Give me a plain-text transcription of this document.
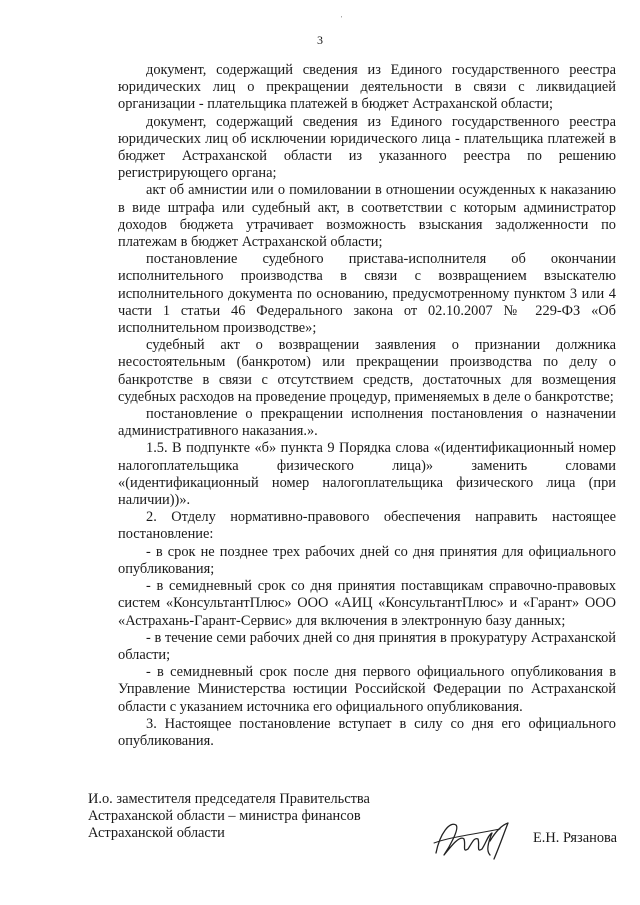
'
3

документ, содержащий сведения из Единого государственного реестра юридических лиц о прекращении деятельности в связи с ликвидацией организации - плательщика платежей в бюджет Астраханской области;

документ, содержащий сведения из Единого государственного реестра юридических лиц об исключении юридического лица - плательщика платежей в бюджет Астраханской области из указанного реестра по решению регистрирующего органа;

акт об амнистии или о помиловании в отношении осужденных к наказанию в виде штрафа или судебный акт, в соответствии с которым администратор доходов бюджета утрачивает возможность взыскания задолженности по платежам в бюджет Астраханской области;

постановление судебного пристава-исполнителя об окончании исполнительного производства в связи с возвращением взыскателю исполнительного документа по основанию, предусмотренному пунктом 3 или 4 части 1 статьи 46 Федерального закона от 02.10.2007 № 229-ФЗ «Об исполнительном производстве»;

судебный акт о возвращении заявления о признании должника несостоятельным (банкротом) или прекращении производства по делу о банкротстве в связи с отсутствием средств, достаточных для возмещения судебных расходов на проведение процедур, применяемых в деле о банкротстве;

постановление о прекращении исполнения постановления о назначении административного наказания.».

1.5. В подпункте «б» пункта 9 Порядка слова «(идентификационный номер налогоплательщика физического лица)» заменить словами «(идентификационный номер налогоплательщика физического лица (при наличии))».

2. Отделу нормативно-правового обеспечения направить настоящее постановление:

- в срок не позднее трех рабочих дней со дня принятия для официального опубликования;

- в семидневный срок со дня принятия поставщикам справочно-правовых систем «КонсультантПлюс» ООО «АИЦ «КонсультантПлюс» и «Гарант» ООО «Астрахань-Гарант-Сервис» для включения в электронную базу данных;

- в течение семи рабочих дней со дня принятия в прокуратуру Астраханской области;

- в семидневный срок после дня первого официального опубликования в Управление Министерства юстиции Российской Федерации по Астраханской области с указанием источника его официального опубликования.

3. Настоящее постановление вступает в силу со дня его официального опубликования.

И.о. заместителя председателя Правительства
Астраханской области – министра финансов
Астраханской области	Е.Н. Рязанова
